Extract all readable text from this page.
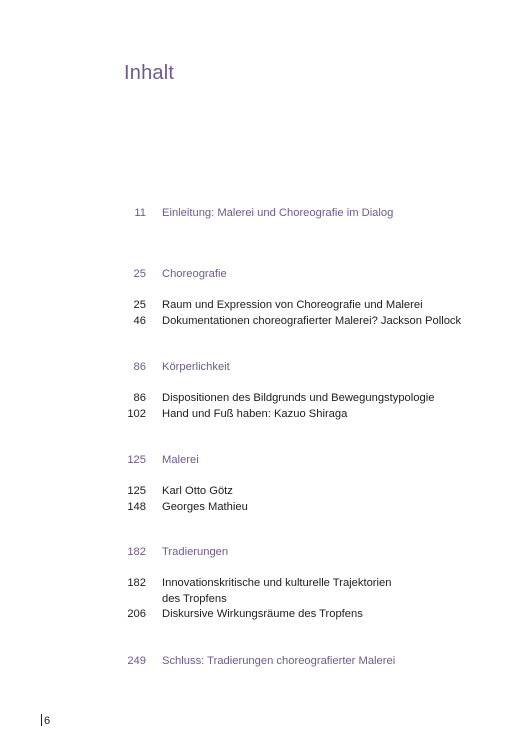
Inhalt
11 Einleitung: Malerei und Choreografie im Dialog
25 Choreografie
25 Raum und Expression von Choreografie und Malerei
46 Dokumentationen choreografierter Malerei? Jackson Pollock
86 Körperlichkeit
86 Dispositionen des Bildgrunds und Bewegungstypologie
102 Hand und Fuß haben: Kazuo Shiraga
125 Malerei
125 Karl Otto Götz
148 Georges Mathieu
182 Tradierungen
182 Innovationskritische und kulturelle Trajektorien
des Tropfens
206 Diskursive Wirkungsräume des Tropfens
249 Schluss: Tradierungen choreografierter Malerei
6
